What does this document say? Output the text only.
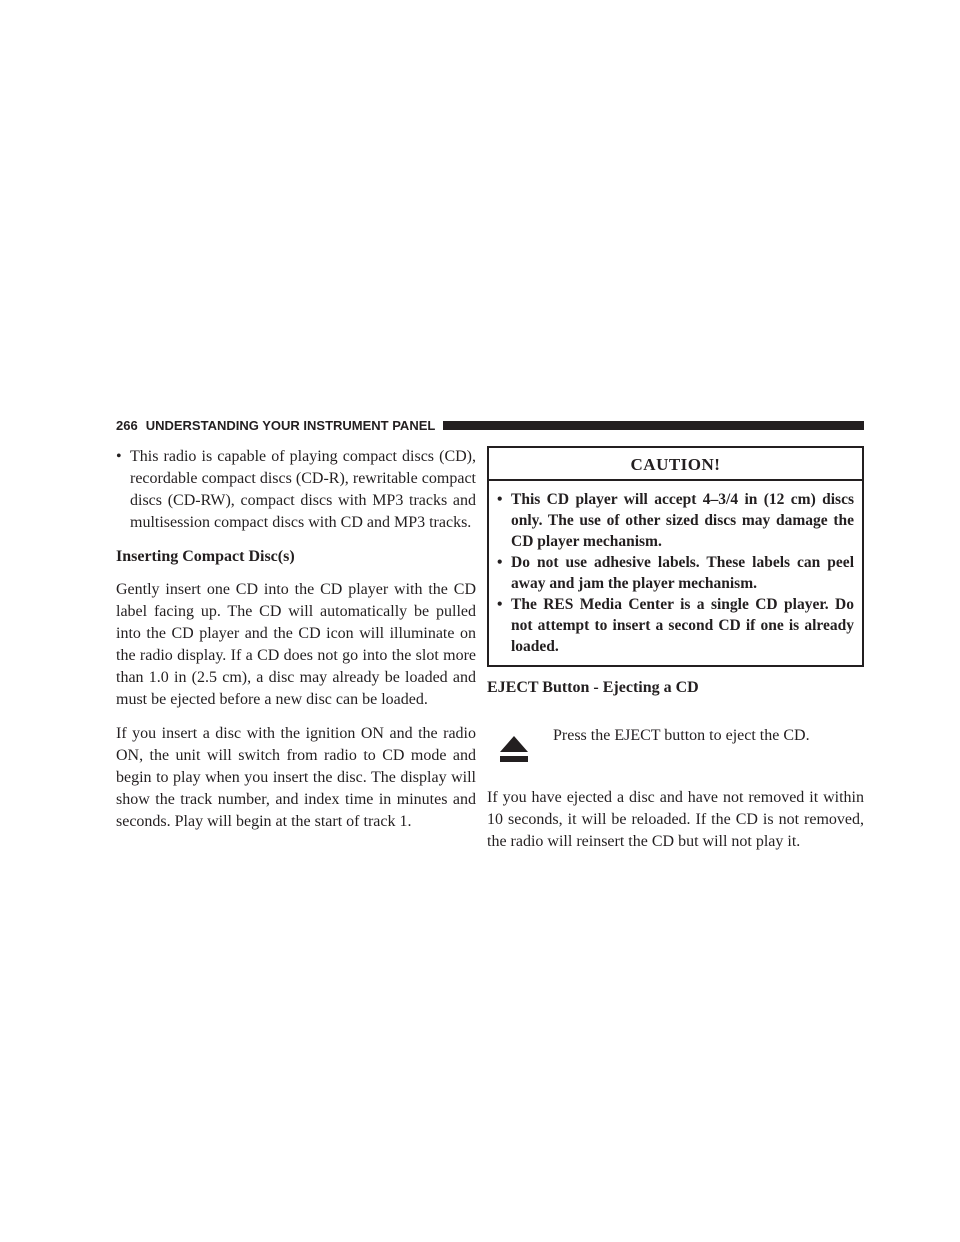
266 UNDERSTANDING YOUR INSTRUMENT PANEL
• This radio is capable of playing compact discs (CD), recordable compact discs (CD-R), rewritable compact discs (CD-RW), compact discs with MP3 tracks and multisession compact discs with CD and MP3 tracks.

Inserting Compact Disc(s)

Gently insert one CD into the CD player with the CD label facing up. The CD will automatically be pulled into the CD player and the CD icon will illuminate on the radio display. If a CD does not go into the slot more than 1.0 in (2.5 cm), a disc may already be loaded and must be ejected before a new disc can be loaded.

If you insert a disc with the ignition ON and the radio ON, the unit will switch from radio to CD mode and begin to play when you insert the disc. The display will show the track number, and index time in minutes and seconds. Play will begin at the start of track 1.

CAUTION!
• This CD player will accept 4–3/4 in (12 cm) discs only. The use of other sized discs may damage the CD player mechanism.
• Do not use adhesive labels. These labels can peel away and jam the player mechanism.
• The RES Media Center is a single CD player. Do not attempt to insert a second CD if one is already loaded.

EJECT Button - Ejecting a CD

Press the EJECT button to eject the CD.

If you have ejected a disc and have not removed it within 10 seconds, it will be reloaded. If the CD is not removed, the radio will reinsert the CD but will not play it.
